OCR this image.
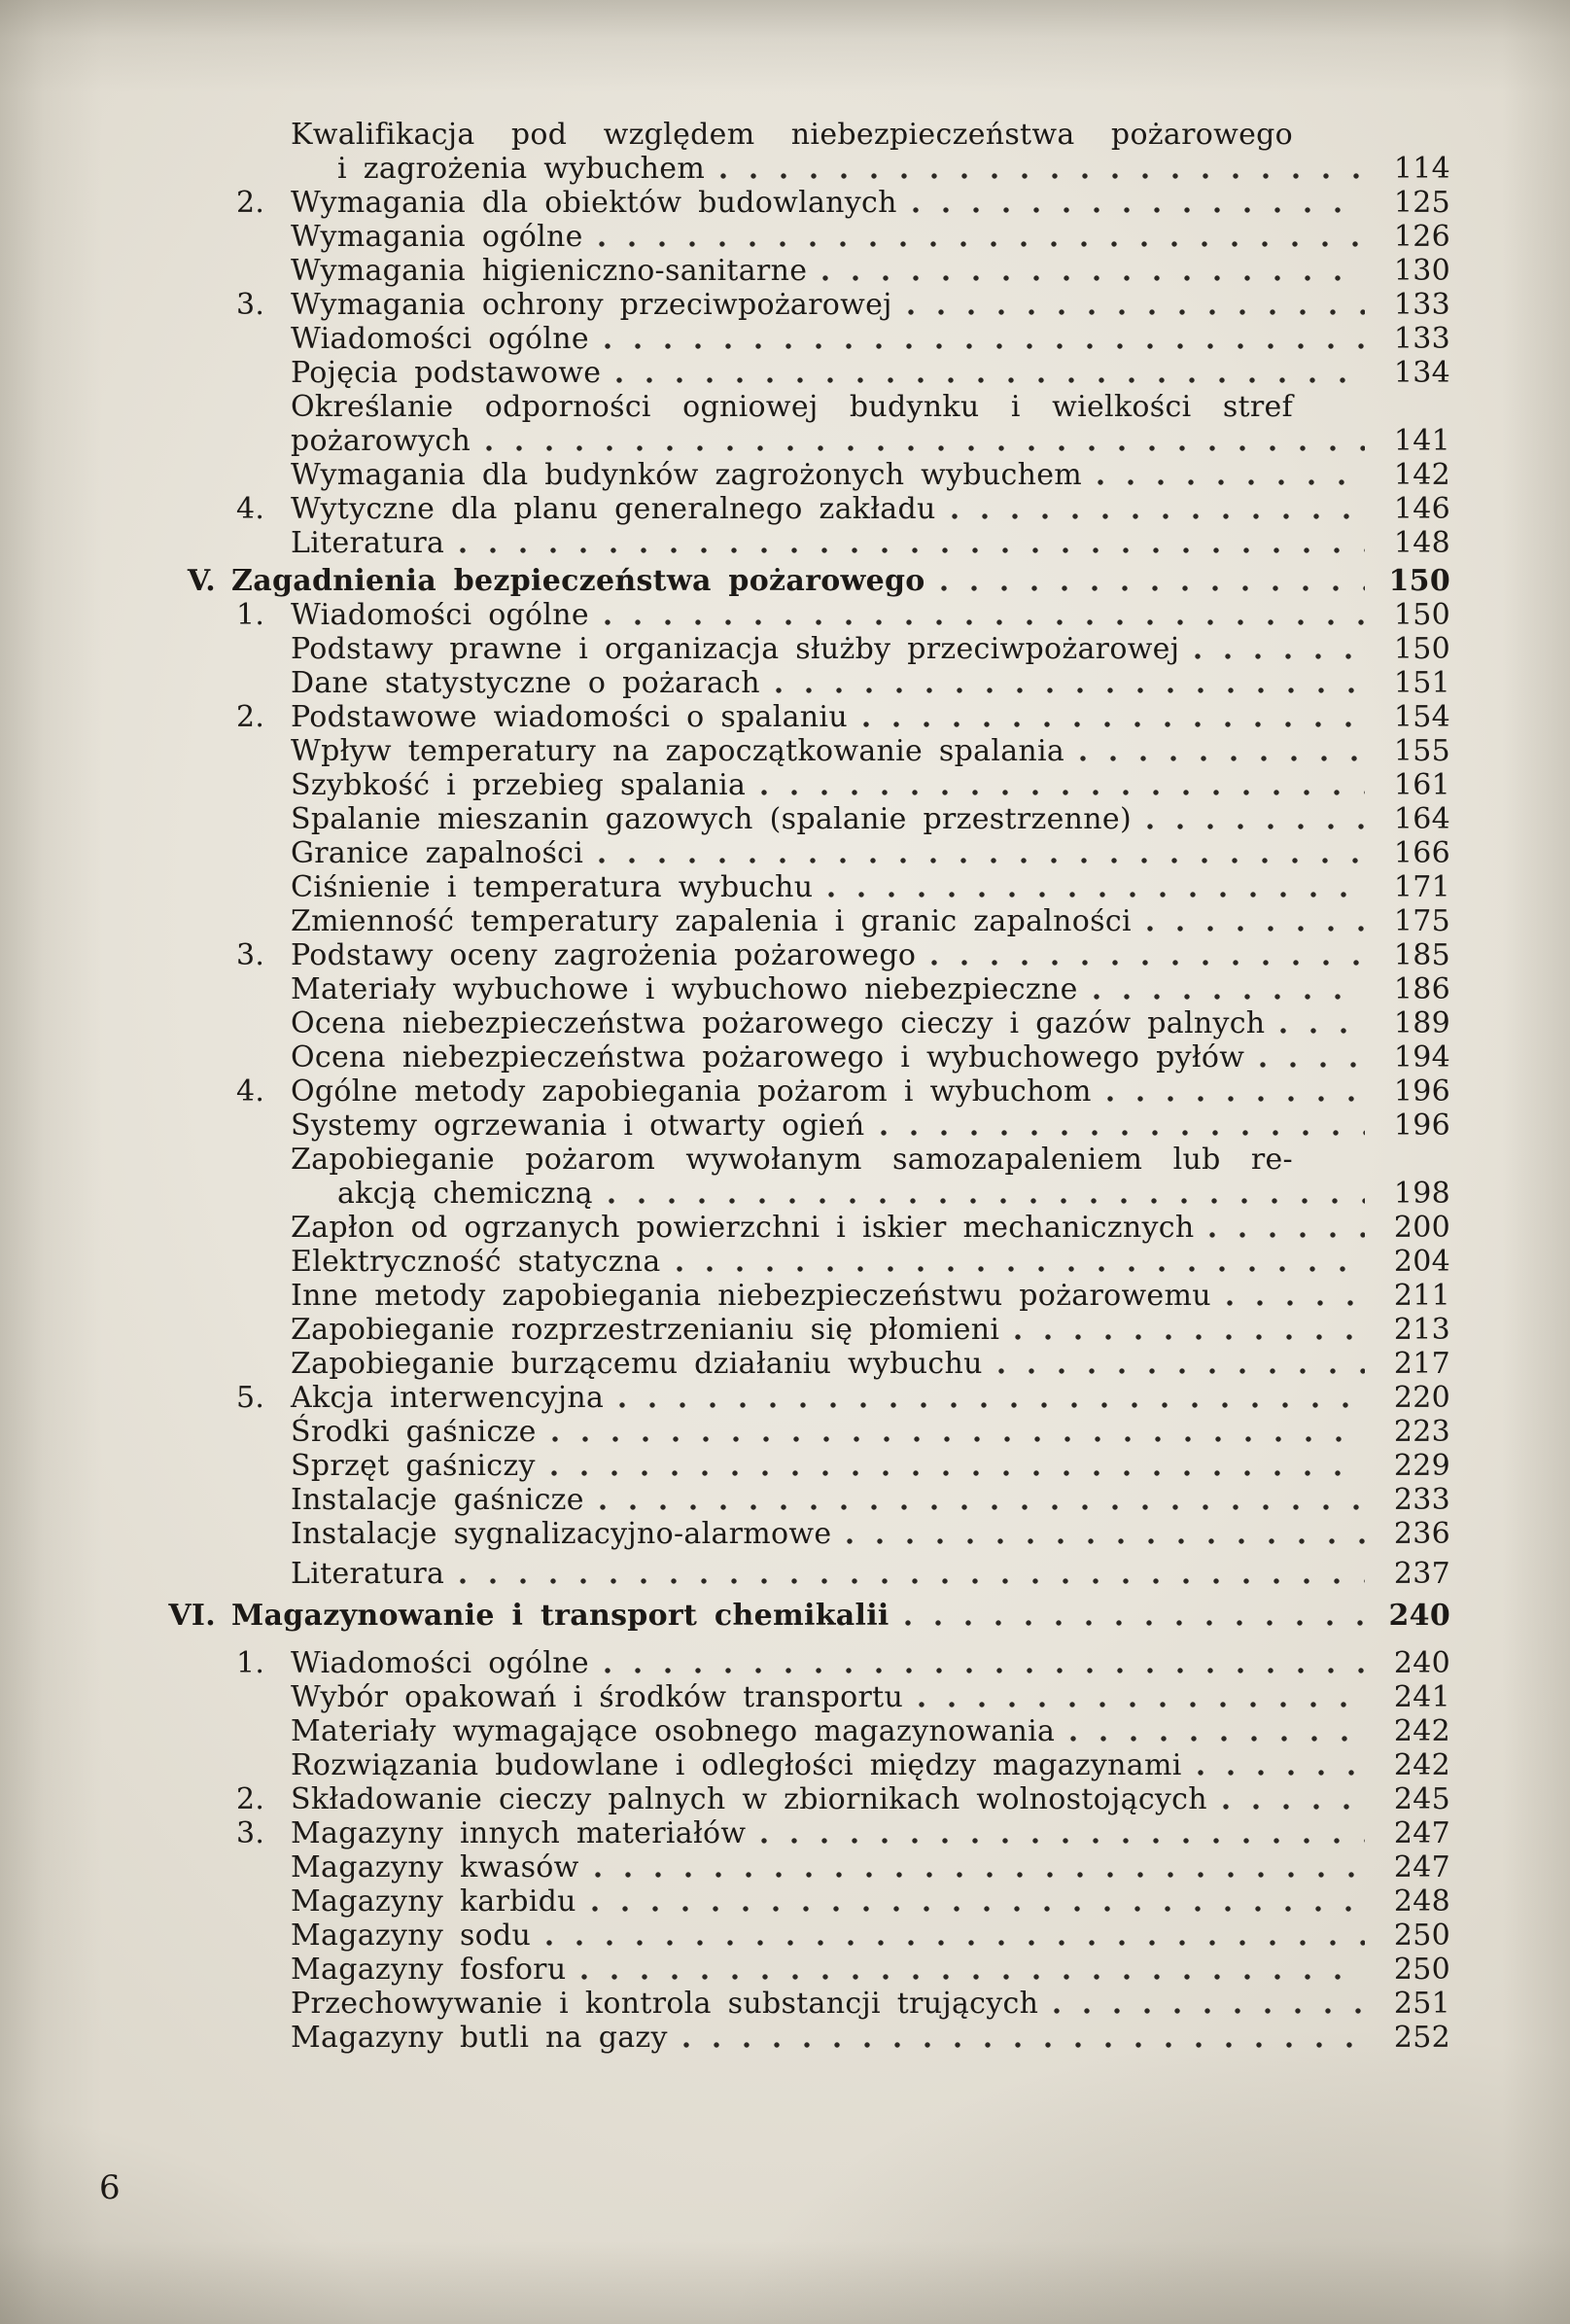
Kwalifikacja pod względem niebezpieczeństwa pożarowego
i zagrożenia wybuchem	114
2. Wymagania dla obiektów budowlanych	125
Wymagania ogólne	126
Wymagania higieniczno-sanitarne	130
3. Wymagania ochrony przeciwpożarowej	133
Wiadomości ogólne	133
Pojęcia podstawowe	134
Określanie odporności ogniowej budynku i wielkości stref
pożarowych	141
Wymagania dla budynków zagrożonych wybuchem	142
4. Wytyczne dla planu generalnego zakładu	146
Literatura	148
V. Zagadnienia bezpieczeństwa pożarowego	150
1. Wiadomości ogólne	150
Podstawy prawne i organizacja służby przeciwpożarowej	150
Dane statystyczne o pożarach	151
2. Podstawowe wiadomości o spalaniu	154
Wpływ temperatury na zapoczątkowanie spalania	155
Szybkość i przebieg spalania	161
Spalanie mieszanin gazowych (spalanie przestrzenne)	164
Granice zapalności	166
Ciśnienie i temperatura wybuchu	171
Zmienność temperatury zapalenia i granic zapalności	175
3. Podstawy oceny zagrożenia pożarowego	185
Materiały wybuchowe i wybuchowo niebezpieczne	186
Ocena niebezpieczeństwa pożarowego cieczy i gazów palnych	189
Ocena niebezpieczeństwa pożarowego i wybuchowego pyłów	194
4. Ogólne metody zapobiegania pożarom i wybuchom	196
Systemy ogrzewania i otwarty ogień	196
Zapobieganie pożarom wywołanym samozapaleniem lub re-
akcją chemiczną	198
Zapłon od ogrzanych powierzchni i iskier mechanicznych	200
Elektryczność statyczna	204
Inne metody zapobiegania niebezpieczeństwu pożarowemu	211
Zapobieganie rozprzestrzenianiu się płomieni	213
Zapobieganie burzącemu działaniu wybuchu	217
5. Akcja interwencyjna	220
Środki gaśnicze	223
Sprzęt gaśniczy	229
Instalacje gaśnicze	233
Instalacje sygnalizacyjno-alarmowe	236
Literatura	237
VI. Magazynowanie i transport chemikalii	240
1. Wiadomości ogólne	240
Wybór opakowań i środków transportu	241
Materiały wymagające osobnego magazynowania	242
Rozwiązania budowlane i odległości między magazynami	242
2. Składowanie cieczy palnych w zbiornikach wolnostojących	245
3. Magazyny innych materiałów	247
Magazyny kwasów	247
Magazyny karbidu	248
Magazyny sodu	250
Magazyny fosforu	250
Przechowywanie i kontrola substancji trujących	251
Magazyny butli na gazy	252
6
